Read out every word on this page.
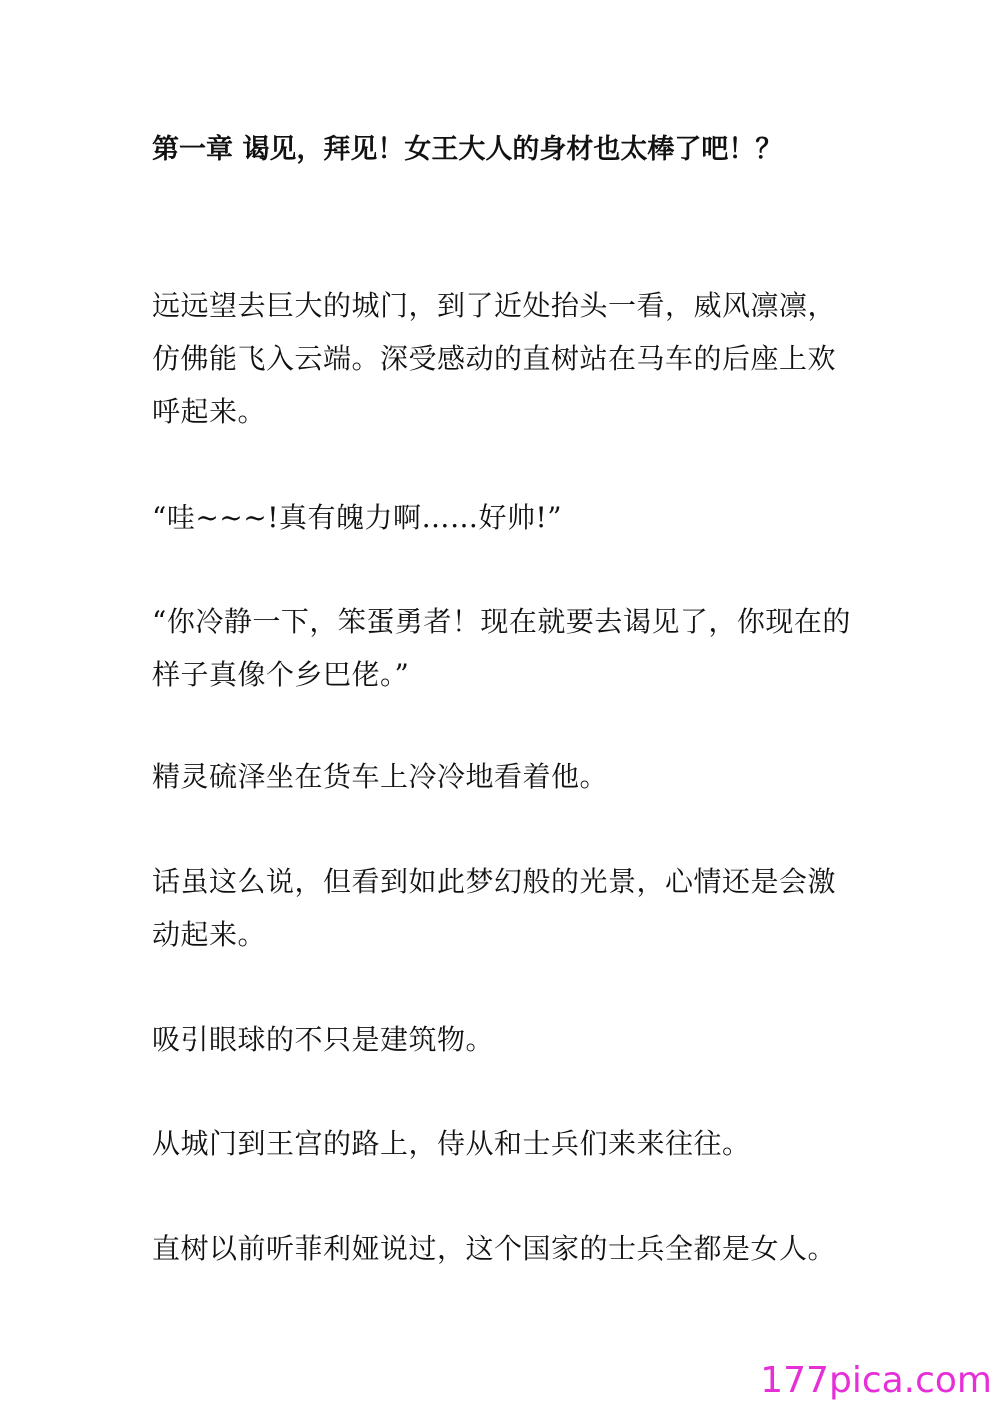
第一章 谒见，拜见！女王大人的身材也太棒了吧！？

远远望去巨大的城门，到了近处抬头一看，威风凛凛，仿佛能飞入云端。深受感动的直树站在马车的后座上欢呼起来。

“哇~~~!真有魄力啊……好帅!”

“你冷静一下，笨蛋勇者！现在就要去谒见了，你现在的样子真像个乡巴佬。”

精灵硫泽坐在货车上冷冷地看着他。

话虽这么说，但看到如此梦幻般的光景，心情还是会激动起来。

吸引眼球的不只是建筑物。

从城门到王宫的路上，侍从和士兵们来来往往。

直树以前听菲利娅说过，这个国家的士兵全都是女人。

177pica.com
